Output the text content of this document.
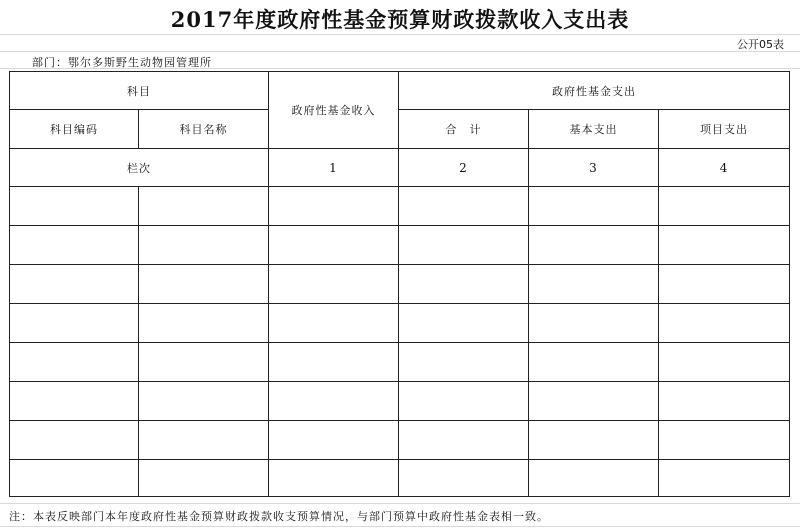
2017年度政府性基金预算财政拨款收入支出表
公开05表
部门：鄂尔多斯野生动物园管理所
科目		政府性基金收入	政府性基金支出		
科目编码	科目名称		合　计	基本支出	项目支出
栏次		1	2	3	4

注：本表反映部门本年度政府性基金预算财政拨款收支预算情况，与部门预算中政府性基金表相一致。
